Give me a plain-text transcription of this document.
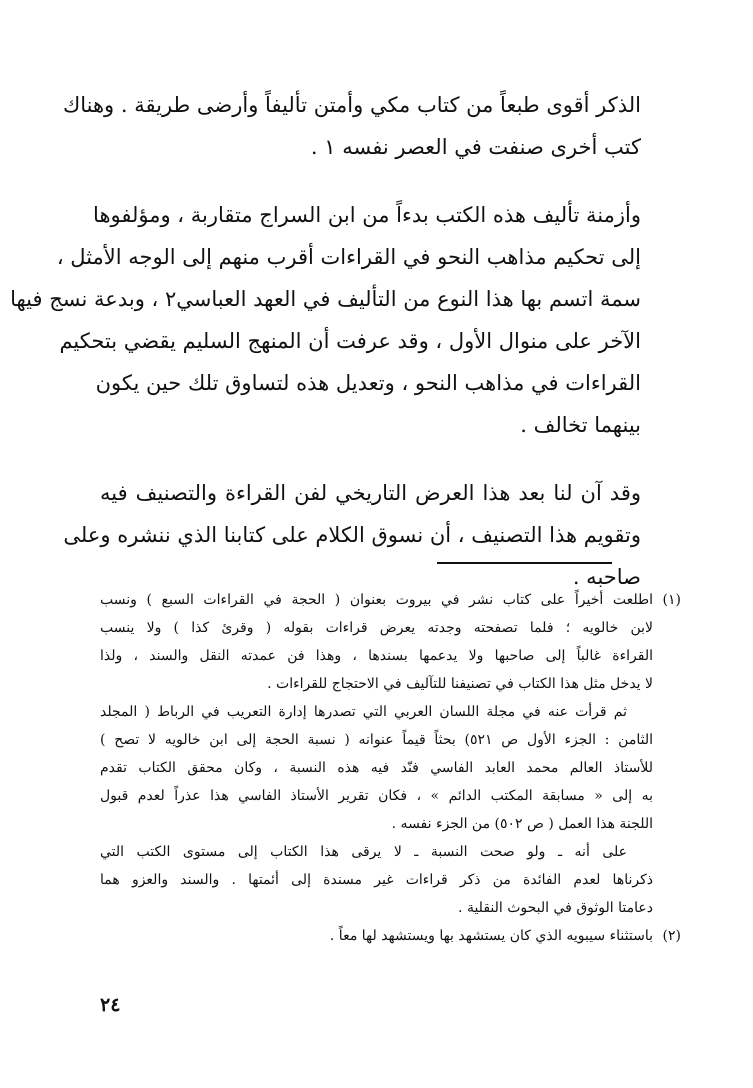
الذكر أقوى طبعاً من كتاب مكي وأمتن تأليفاً وأرضى طريقة . وهناك
كتب أخرى صنفت في العصر نفسه ١ .
وأزمنة تأليف هذه الكتب بدءاً من ابن السراج متقاربة ، ومؤلفوها
إلى تحكيم مذاهب النحو في القراءات أقرب منهم إلى الوجه الأمثل ،
سمة اتسم بها هذا النوع من التأليف في العهد العباسي٢ ، وبدعة نسج فيها
الآخر على منوال الأول ، وقد عرفت أن المنهج السليم يقضي بتحكيم
القراءات في مذاهب النحو ، وتعديل هذه لتساوق تلك حين يكون
بينهما تخالف .
وقد آن لنا بعد هذا العرض التاريخي لفن القراءة والتصنيف فيه
وتقويم هذا التصنيف ، أن نسوق الكلام على كتابنا الذي ننشره وعلى
صاحبه .
(١)
اطلعت أخيراً على كتاب نشر في بيروت بعنوان ( الحجة في القراءات السبع ) ونسب
لابن خالويه ؛ فلما تصفحته وجدته يعرض قراءات بقوله ( وقرئ كذا ) ولا ينسب
القراءة غالباً إلى صاحبها ولا يدعمها بسندها ، وهذا فن عمدته النقل والسند ، ولذا
لا يدخل مثل هذا الكتاب في تصنيفنا للتآليف في الاحتجاج للقراءات .
ثم قرأت عنه في مجلة اللسان العربي التي تصدرها إدارة التعريب في الرباط ( المجلد
الثامن : الجزء الأول ص ٥٢١) بحثاً قيماً عنوانه ( نسبة الحجة إلى ابن خالويه لا تصح )
للأستاذ العالم محمد العابد الفاسي فنّد فيه هذه النسبة ، وكان محقق الكتاب تقدم
به إلى « مسابقة المكتب الدائم » ، فكان تقرير الأستاذ الفاسي هذا عذراً لعدم قبول
اللجنة هذا العمل ( ص ٥٠٢) من الجزء نفسه .
على أنه ـ ولو صحت النسبة ـ لا يرقى هذا الكتاب إلى مستوى الكتب التي
ذكرناها لعدم الفائدة من ذكر قراءات غير مسندة إلى أئمتها . والسند والعزو هما
دعامتا الوثوق في البحوث النقلية .
(٢)
باستثناء سيبويه الذي كان يستشهد بها ويستشهد لها معاً .
٢٤
